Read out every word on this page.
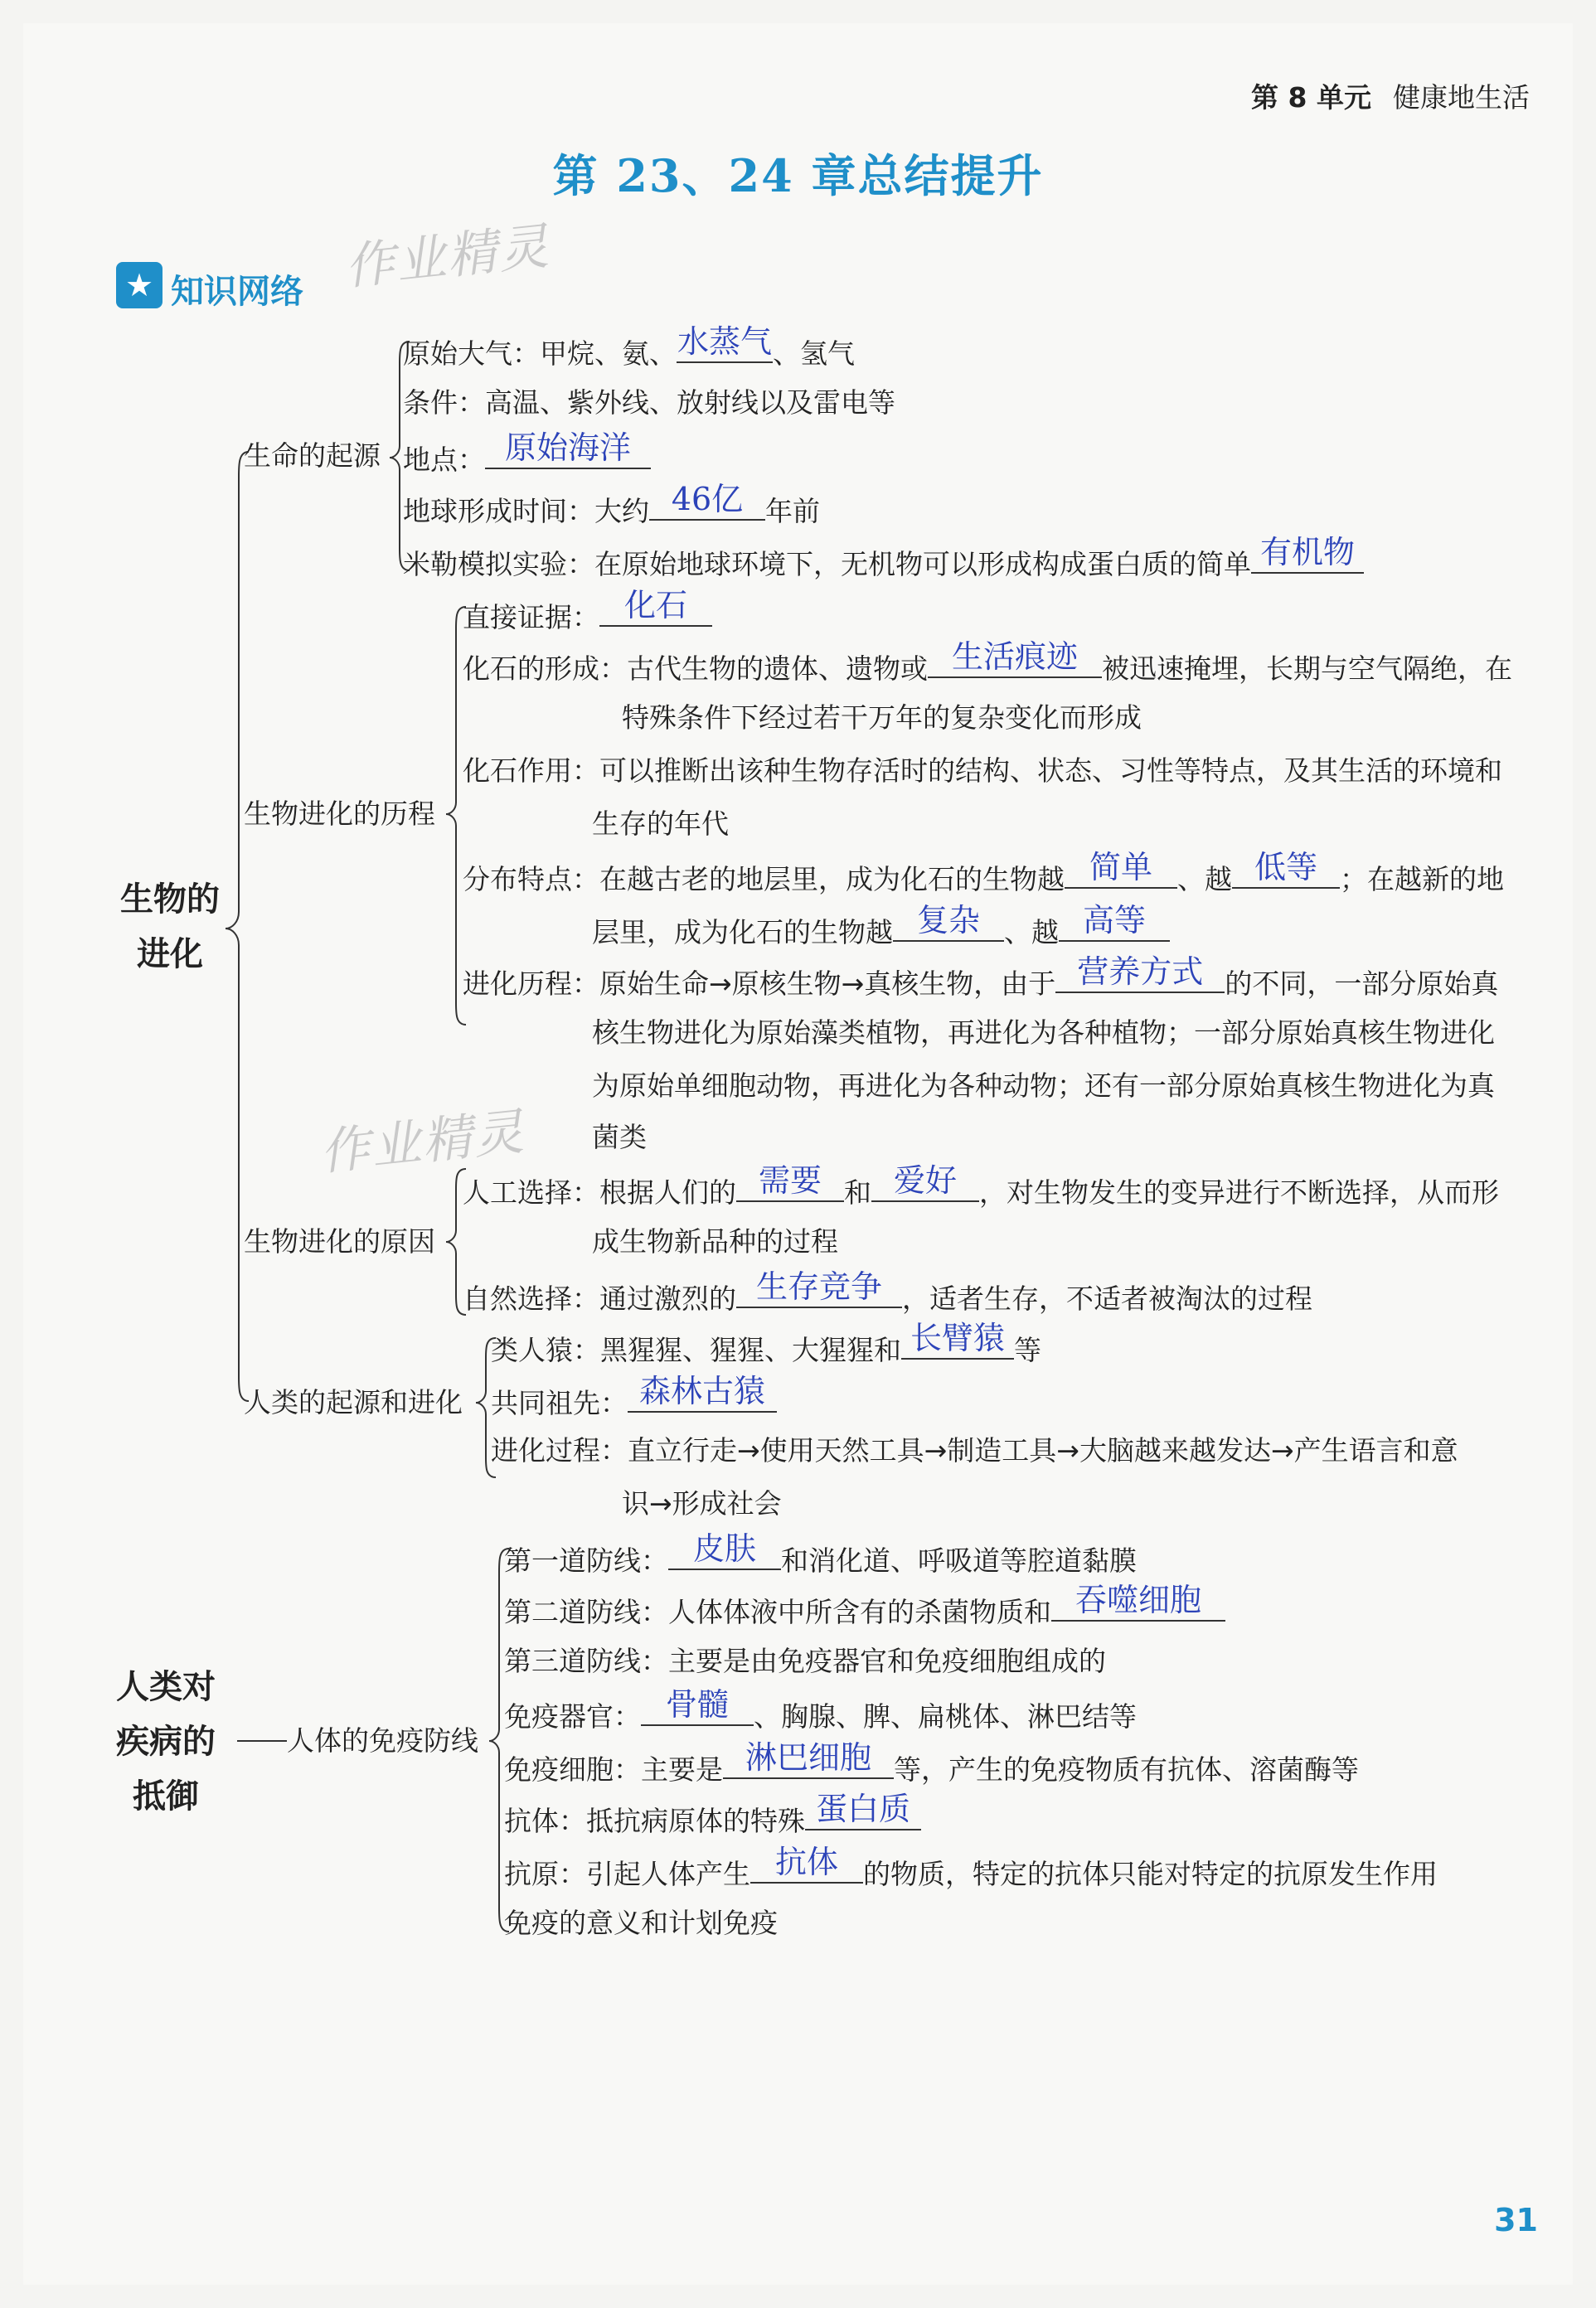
第 8 单元 健康地生活
第 23、24 章总结提升
★ 知识网络 作业精灵
作业精灵
生物的
进化
生命的起源
原始大气：甲烷、氨、 水蒸气 、氢气
条件：高温、紫外线、放射线以及雷电等
地点： 原始海洋
地球形成时间：大约 46亿 年前
米勒模拟实验：在原始地球环境下，无机物可以形成构成蛋白质的简单 有机物
生物进化的历程
直接证据： 化石
化石的形成：古代生物的遗体、遗物或 生活痕迹 被迅速掩埋，长期与空气隔绝，在
特殊条件下经过若干万年的复杂变化而形成
化石作用：可以推断出该种生物存活时的结构、状态、习性等特点，及其生活的环境和
生存的年代
分布特点：在越古老的地层里，成为化石的生物越 简单 、越 低等 ；在越新的地
层里，成为化石的生物越 复杂 、越 高等
进化历程：原始生命→原核生物→真核生物，由于 营养方式 的不同，一部分原始真
核生物进化为原始藻类植物，再进化为各种植物；一部分原始真核生物进化
为原始单细胞动物，再进化为各种动物；还有一部分原始真核生物进化为真
菌类
生物进化的原因
人工选择：根据人们的 需要 和 爱好 ，对生物发生的变异进行不断选择，从而形
成生物新品种的过程
自然选择：通过激烈的 生存竞争 ，适者生存，不适者被淘汰的过程
人类的起源和进化
类人猿：黑猩猩、猩猩、大猩猩和 长臂猿 等
共同祖先： 森林古猿
进化过程：直立行走→使用天然工具→制造工具→大脑越来越发达→产生语言和意
识→形成社会
人类对
疾病的
抵御
人体的免疫防线
第一道防线： 皮肤 和消化道、呼吸道等腔道黏膜
第二道防线：人体体液中所含有的杀菌物质和 吞噬细胞
第三道防线：主要是由免疫器官和免疫细胞组成的
免疫器官： 骨髓 、胸腺、脾、扁桃体、淋巴结等
免疫细胞：主要是 淋巴细胞 等，产生的免疫物质有抗体、溶菌酶等
抗体：抵抗病原体的特殊 蛋白质
抗原：引起人体产生 抗体 的物质，特定的抗体只能对特定的抗原发生作用
免疫的意义和计划免疫
31
